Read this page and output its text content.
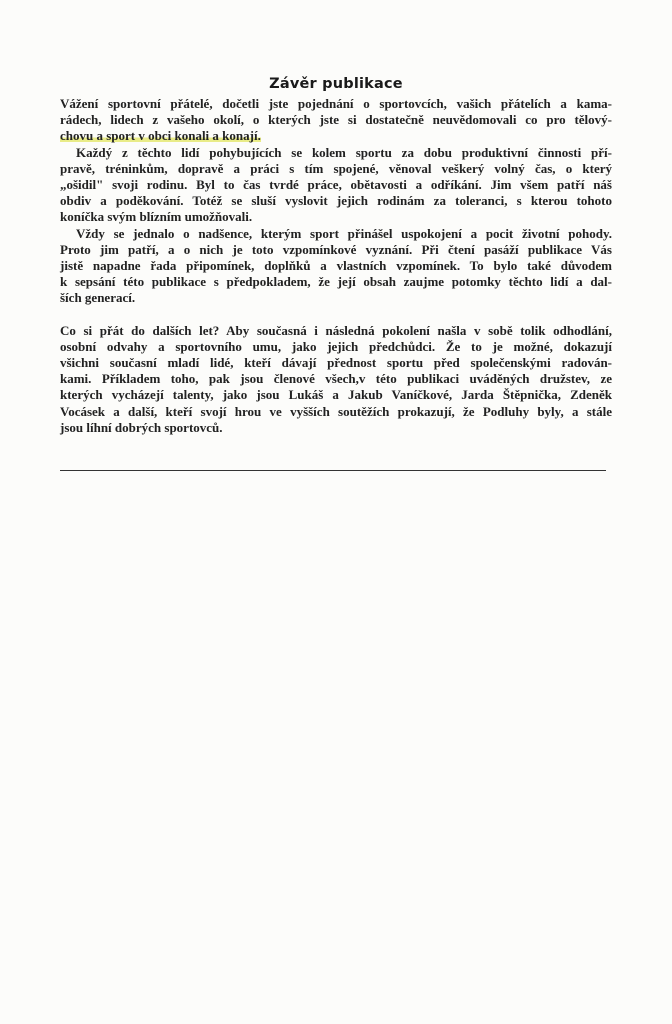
Závěr publikace
Vážení sportovní přátelé, dočetli jste pojednání o sportovcích, vašich přátelích a kama-
rádech, lidech z vašeho okolí, o kterých jste si dostatečně neuvědomovali co pro tělový-
chovu a sport v obci konali a konají.
Každý z těchto lidí pohybujících se kolem sportu za dobu produktivní činnosti pří-
pravě, tréninkům, dopravě a práci s tím spojené, věnoval veškerý volný čas, o který
„ošidil" svoji rodinu. Byl to čas tvrdé práce, obětavosti a odříkání. Jim všem patří náš
obdiv a poděkování. Totéž se sluší vyslovit jejich rodinám za toleranci, s kterou tohoto
koníčka svým blízním umožňovali.
Vždy se jednalo o nadšence, kterým sport přinášel uspokojení a pocit životní pohody.
Proto jim patří, a o nich je toto vzpomínkové vyznání. Při čtení pasáží publikace Vás
jistě napadne řada připomínek, doplňků a vlastních vzpomínek. To bylo také důvodem
k sepsání této publikace s předpokladem, že její obsah zaujme potomky těchto lidí a dal-
ších generací.
Co si přát do dalších let? Aby současná i následná pokolení našla v sobě tolik odhodlání,
osobní odvahy a sportovního umu, jako jejich předchůdci. Že to je možné, dokazují
všichni současní mladí lidé, kteří dávají přednost sportu před společenskými radován-
kami. Příkladem toho, pak jsou členové všech,v této publikaci uváděných družstev, ze
kterých vycházejí talenty, jako jsou Lukáš a Jakub Vaníčkové, Jarda Štěpnička, Zdeněk
Vocásek a další, kteří svojí hrou ve vyšších soutěžích prokazují, že Podluhy byly, a stále
jsou líhní dobrých sportovců.
